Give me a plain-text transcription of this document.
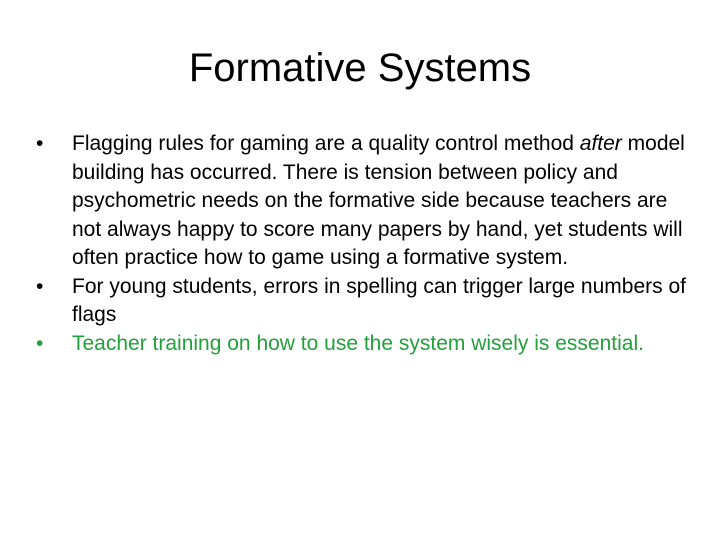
Formative Systems
•	Flagging rules for gaming are a quality control method after model building has occurred. There is tension between policy and psychometric needs on the formative side because teachers are not always happy to score many papers by hand, yet students will often practice how to game using a formative system.
•	For young students, errors in spelling can trigger large numbers of flags
•	Teacher training on how to use the system wisely is essential.
